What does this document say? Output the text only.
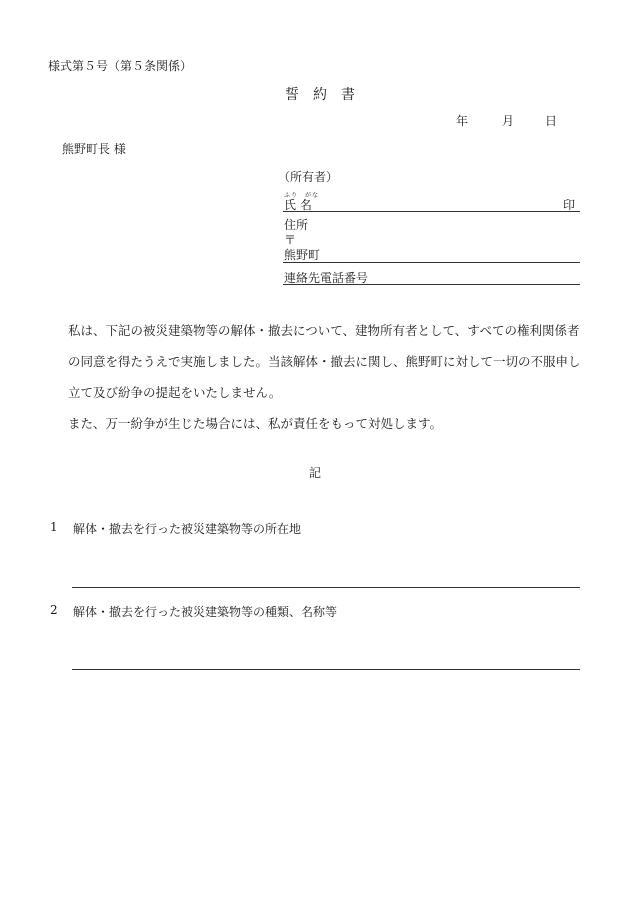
様式第５号（第５条関係）
誓約書
年	月	日
熊野町長 様
（所有者）
ふり　がな
氏 名	印
住所
〒
熊野町
連絡先電話番号

私は、下記の被災建築物等の解体・撤去について、建物所有者として、すべての権利関係者の同意を得たうえで実施しました。当該解体・撤去に関し、熊野町に対して一切の不服申し立て及び紛争の提起をいたしません。

また、万一紛争が生じた場合には、私が責任をもって対処します。

記
1 解体・撤去を行った被災建築物等の所在地
2 解体・撤去を行った被災建築物等の種類、名称等
